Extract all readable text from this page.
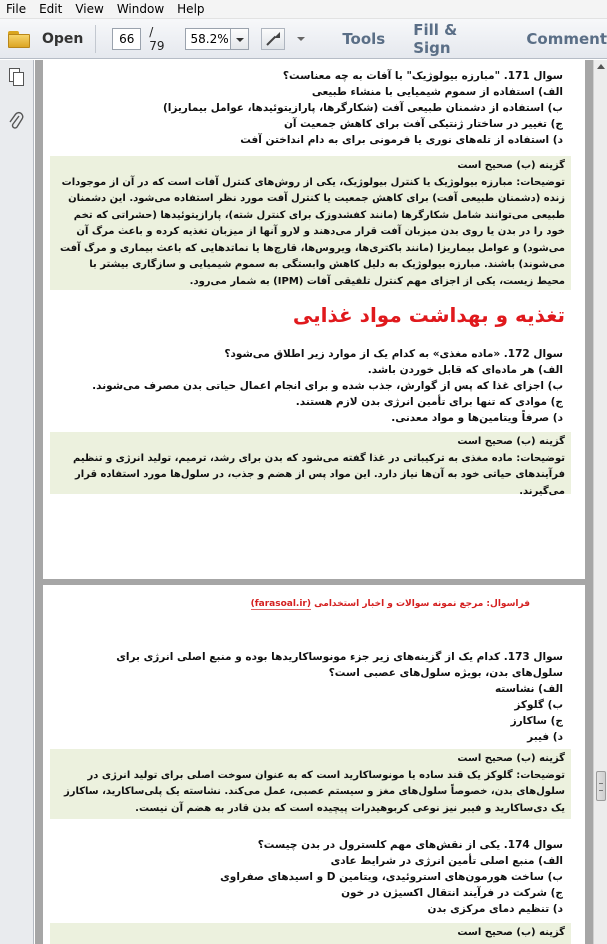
File	Edit	View	Window	Help
Open	66	/ 79	58.2%	Tools Fill & Sign	Comment
سوال 171. "مبارزه بیولوژیک" با آفات به چه معناست؟
الف) استفاده از سموم شیمیایی با منشاء طبیعی
ب) استفاده از دشمنان طبیعی آفت (شکارگرها، پارازیتوئیدها، عوامل بیماریزا)
ج) تغییر در ساختار ژنتیکی آفت برای کاهش جمعیت آن
د) استفاده از تله‌های نوری یا فرمونی برای به دام انداختن آفت
گزینه (ب) صحیح است
توضیحات: مبارزه بیولوژیک یا کنترل بیولوژیک، یکی از روش‌های کنترل آفات است که در آن از موجودات زنده (دشمنان طبیعی آفت) برای کاهش جمعیت یا کنترل آفت مورد نظر استفاده می‌شود. این دشمنان طبیعی می‌توانند شامل شکارگرها (مانند کفشدوزک برای کنترل شته)، پارازیتوئیدها (حشراتی که تخم خود را در بدن یا روی بدن میزبان آفت قرار می‌دهند و لارو آنها از میزبان تغذیه کرده و باعث مرگ آن می‌شود) و عوامل بیماریزا (مانند باکتری‌ها، ویروس‌ها، قارچ‌ها یا نماتدهایی که باعث بیماری و مرگ آفت می‌شوند) باشند. مبارزه بیولوژیک به دلیل کاهش وابستگی به سموم شیمیایی و سازگاری بیشتر با محیط زیست، یکی از اجزای مهم کنترل تلفیقی آفات (IPM) به شمار می‌رود.
تغذیه و بهداشت مواد غذایی
سوال 172. «ماده مغذی» به کدام یک از موارد زیر اطلاق می‌شود؟
الف) هر ماده‌ای که قابل خوردن باشد.
ب) اجزای غذا که پس از گوارش، جذب شده و برای انجام اعمال حیاتی بدن مصرف می‌شوند.
ج) موادی که تنها برای تأمین انرژی بدن لازم هستند.
د) صرفاً ویتامین‌ها و مواد معدنی.
گزینه (ب) صحیح است
توضیحات: ماده مغذی به ترکیباتی در غذا گفته می‌شود که بدن برای رشد، ترمیم، تولید انرژی و تنظیم فرآیندهای حیاتی خود به آن‌ها نیاز دارد. این مواد پس از هضم و جذب، در سلول‌ها مورد استفاده قرار می‌گیرند.
فراسوال: مرجع نمونه سوالات و اخبار استخدامی (farasoal.ir)
سوال 173. کدام یک از گزینه‌های زیر جزء مونوساکاریدها بوده و منبع اصلی انرژی برای سلول‌های بدن، بویژه سلول‌های عصبی است؟
الف) نشاسته
ب) گلوکز
ج) ساکارز
د) فیبر
گزینه (ب) صحیح است
توضیحات: گلوکز یک قند ساده یا مونوساکارید است که به عنوان سوخت اصلی برای تولید انرژی در سلول‌های بدن، خصوصاً سلول‌های مغز و سیستم عصبی، عمل می‌کند. نشاسته یک پلی‌ساکارید، ساکارز یک دی‌ساکارید و فیبر نیز نوعی کربوهیدرات پیچیده است که بدن قادر به هضم آن نیست.
سوال 174. یکی از نقش‌های مهم کلسترول در بدن چیست؟
الف) منبع اصلی تأمین انرژی در شرایط عادی
ب) ساخت هورمون‌های استروئیدی، ویتامین D و اسیدهای صفراوی
ج) شرکت در فرآیند انتقال اکسیژن در خون
د) تنظیم دمای مرکزی بدن
گزینه (ب) صحیح است
